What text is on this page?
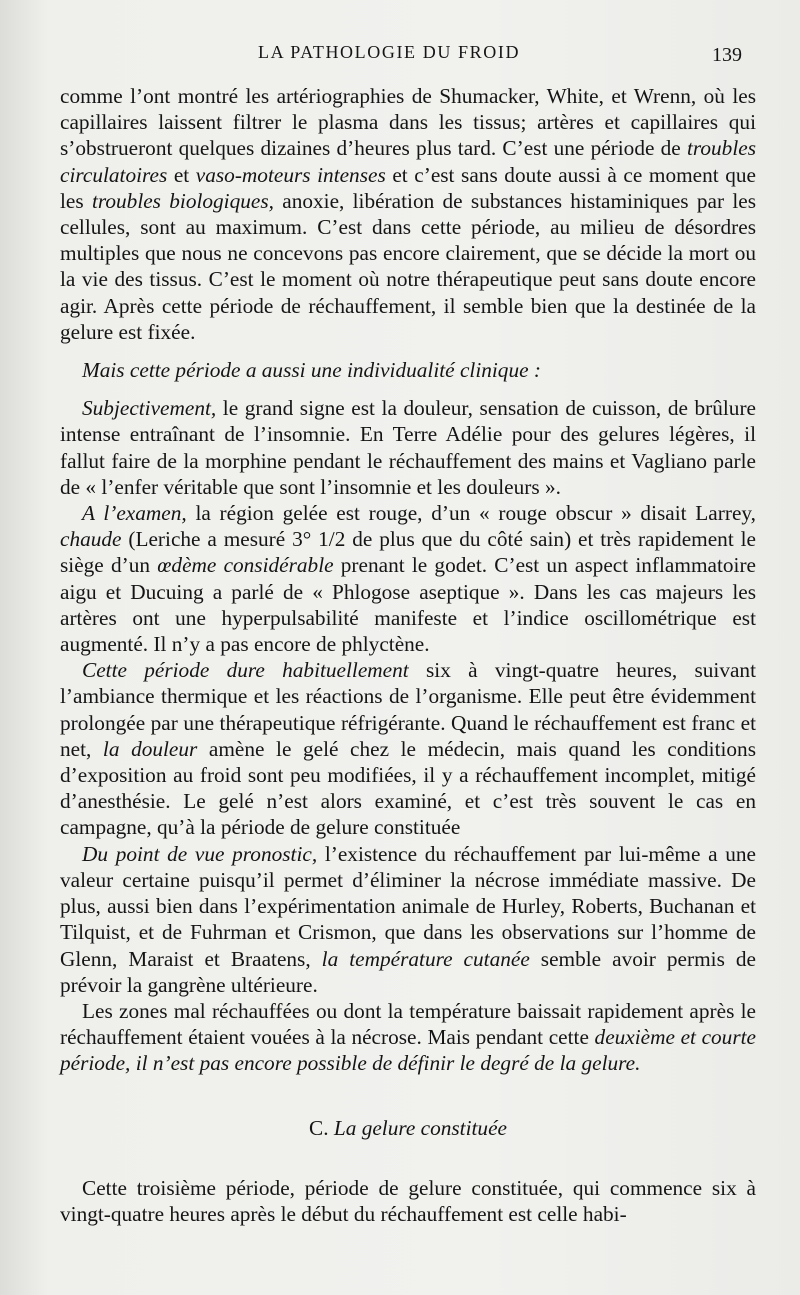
LA PATHOLOGIE DU FROID	139

comme l’ont montré les artériographies de Shumacker, White, et Wrenn, où les capillaires laissent filtrer le plasma dans les tissus; artères et capillaires qui s’obstrueront quelques dizaines d’heures plus tard. C’est une période de troubles circulatoires et vaso-moteurs intenses et c’est sans doute aussi à ce moment que les troubles biologiques, anoxie, libération de substances histaminiques par les cellules, sont au maximum. C’est dans cette période, au milieu de désordres multiples que nous ne concevons pas encore clairement, que se décide la mort ou la vie des tissus. C’est le moment où notre thérapeutique peut sans doute encore agir. Après cette période de réchauffement, il semble bien que la destinée de la gelure est fixée.

Mais cette période a aussi une individualité clinique :

Subjectivement, le grand signe est la douleur, sensation de cuisson, de brûlure intense entraînant de l’insomnie. En Terre Adélie pour des gelures légères, il fallut faire de la morphine pendant le réchauffement des mains et Vagliano parle de « l’enfer véritable que sont l’insomnie et les douleurs ».

A l’examen, la région gelée est rouge, d’un « rouge obscur » disait Larrey, chaude (Leriche a mesuré 3° 1/2 de plus que du côté sain) et très rapidement le siège d’un œdème considérable prenant le godet. C’est un aspect inflammatoire aigu et Ducuing a parlé de « Phlogose aseptique ». Dans les cas majeurs les artères ont une hyperpulsabilité manifeste et l’indice oscillométrique est augmenté. Il n’y a pas encore de phlyctène.

Cette période dure habituellement six à vingt-quatre heures, suivant l’ambiance thermique et les réactions de l’organisme. Elle peut être évidemment prolongée par une thérapeutique réfrigérante. Quand le réchauffement est franc et net, la douleur amène le gelé chez le médecin, mais quand les conditions d’exposition au froid sont peu modifiées, il y a réchauffement incomplet, mitigé d’anesthésie. Le gelé n’est alors examiné, et c’est très souvent le cas en campagne, qu’à la période de gelure constituée

Du point de vue pronostic, l’existence du réchauffement par lui-même a une valeur certaine puisqu’il permet d’éliminer la nécrose immédiate massive. De plus, aussi bien dans l’expérimentation animale de Hurley, Roberts, Buchanan et Tilquist, et de Fuhrman et Crismon, que dans les observations sur l’homme de Glenn, Maraist et Braatens, la température cutanée semble avoir permis de prévoir la gangrène ultérieure.

Les zones mal réchauffées ou dont la température baissait rapidement après le réchauffement étaient vouées à la nécrose. Mais pendant cette deuxième et courte période, il n’est pas encore possible de définir le degré de la gelure.

C. La gelure constituée

Cette troisième période, période de gelure constituée, qui commence six à vingt-quatre heures après le début du réchauffement est celle habi-
